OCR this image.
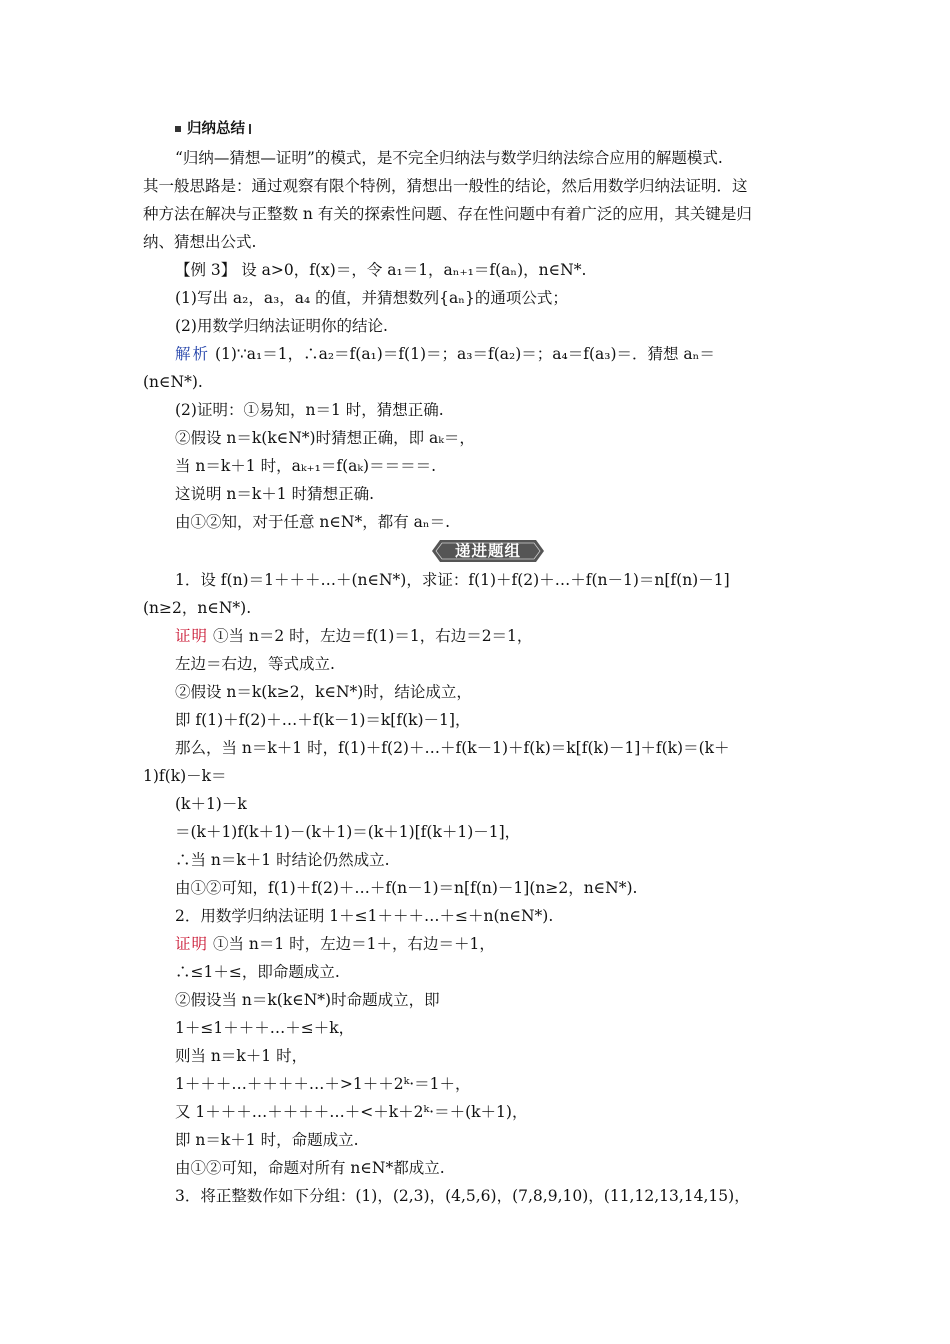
归纳总结
“归纳—猜想—证明”的模式，是不完全归纳法与数学归纳法综合应用的解题模式.
其一般思路是：通过观察有限个特例，猜想出一般性的结论，然后用数学归纳法证明．这
种方法在解决与正整数 n 有关的探索性问题、存在性问题中有着广泛的应用，其关键是归
纳、猜想出公式.
【例 3】 设 a>0，f(x)＝，令 a₁＝1，aₙ₊₁＝f(aₙ)，n∈N*.
(1)写出 a₂，a₃，a₄ 的值，并猜想数列{aₙ}的通项公式；
(2)用数学归纳法证明你的结论.
解析 (1)∵a₁＝1，∴a₂＝f(a₁)＝f(1)＝；a₃＝f(a₂)＝；a₄＝f(a₃)＝．猜想 aₙ＝
(n∈N*).
(2)证明：①易知，n＝1 时，猜想正确.
②假设 n＝k(k∈N*)时猜想正确，即 aₖ＝，
当 n＝k＋1 时，aₖ₊₁＝f(aₖ)＝＝＝＝.
这说明 n＝k＋1 时猜想正确.
由①②知，对于任意 n∈N*，都有 aₙ＝.
递进题组
1．设 f(n)＝1＋＋＋…＋(n∈N*)，求证：f(1)＋f(2)＋…＋f(n－1)＝n[f(n)－1]
(n≥2，n∈N*).
证明 ①当 n＝2 时，左边＝f(1)＝1，右边＝2＝1，
左边＝右边，等式成立.
②假设 n＝k(k≥2，k∈N*)时，结论成立，
即 f(1)＋f(2)＋…＋f(k－1)＝k[f(k)－1]，
那么，当 n＝k＋1 时，f(1)＋f(2)＋…＋f(k－1)＋f(k)＝k[f(k)－1]＋f(k)＝(k＋
1)f(k)－k＝
(k＋1)－k
＝(k＋1)f(k＋1)－(k＋1)＝(k＋1)[f(k＋1)－1]，
∴当 n＝k＋1 时结论仍然成立.
由①②可知，f(1)＋f(2)＋…＋f(n－1)＝n[f(n)－1](n≥2，n∈N*).
2．用数学归纳法证明 1＋≤1＋＋＋…＋≤＋n(n∈N*).
证明 ①当 n＝1 时，左边＝1＋，右边＝＋1，
∴≤1＋≤，即命题成立.
②假设当 n＝k(k∈N*)时命题成立，即
1＋≤1＋＋＋…＋≤＋k，
则当 n＝k＋1 时，
1＋＋＋…＋＋＋＋…＋>1＋＋2ᵏ·＝1＋，
又 1＋＋＋…＋＋＋＋…＋<＋k＋2ᵏ·＝＋(k＋1)，
即 n＝k＋1 时，命题成立.
由①②可知，命题对所有 n∈N*都成立.
3．将正整数作如下分组：(1)，(2,3)，(4,5,6)，(7,8,9,10)，(11,12,13,14,15)，
